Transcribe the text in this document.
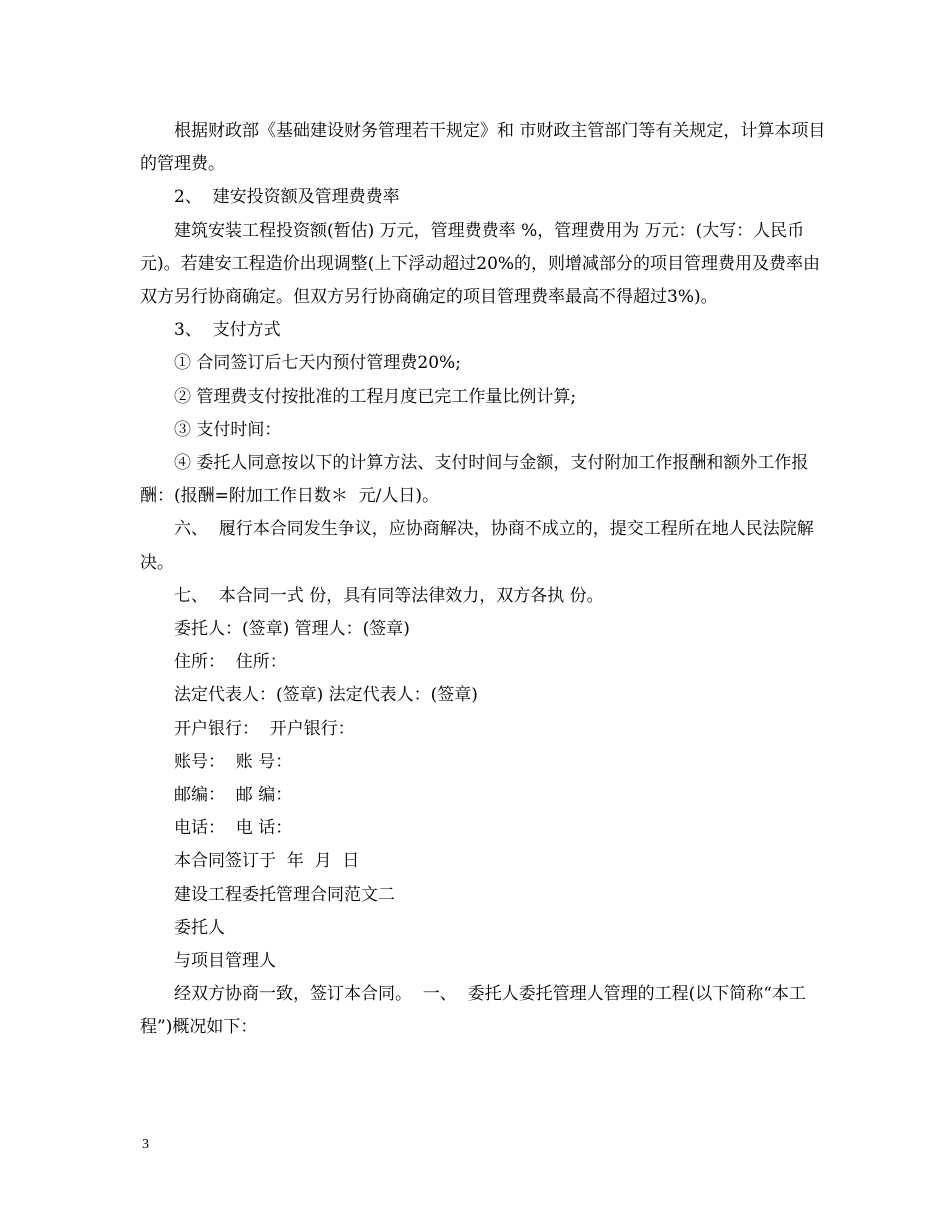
根据财政部《基础建设财务管理若干规定》和 市财政主管部门等有关规定，计算本项目的管理费。

2、  建安投资额及管理费费率

建筑安装工程投资额(暂估) 万元，管理费费率 %，管理费用为 万元：(大写：人民币  元)。若建安工程造价出现调整(上下浮动超过20%的，则增减部分的项目管理费用及费率由双方另行协商确定。但双方另行协商确定的项目管理费率最高不得超过3%)。

3、  支付方式

① 合同签订后七天内预付管理费20%;

② 管理费支付按批准的工程月度已完工作量比例计算;

③ 支付时间：

④ 委托人同意按以下的计算方法、支付时间与金额，支付附加工作报酬和额外工作报酬：(报酬=附加工作日数＊  元/人日)。

六、  履行本合同发生争议，应协商解决，协商不成立的，提交工程所在地人民法院解决。

七、  本合同一式 份，具有同等法律效力，双方各执 份。

委托人：(签章) 管理人：(签章)

住所：  住所：

法定代表人：(签章) 法定代表人：(签章)

开户银行：  开户银行：

账号：  账 号：

邮编：  邮 编：

电话：  电 话：

本合同签订于  年  月  日

建设工程委托管理合同范文二

委托人

与项目管理人

经双方协商一致，签订本合同。  一、  委托人委托管理人管理的工程(以下简称“本工程”)概况如下：

3
